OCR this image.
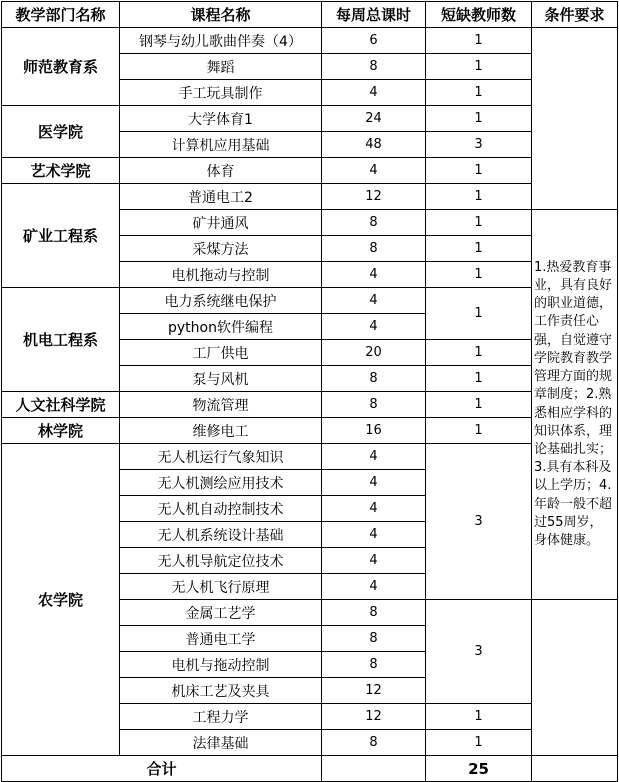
教学部门名称	课程名称	每周总课时	短缺教师数	条件要求	
师范教育系	钢琴与幼儿歌曲伴奏（4）	6	1		
	舞蹈	8	1		
	手工玩具制作	4	1		
医学院	大学体育1	24	1		
	计算机应用基础	48	3		
艺术学院	体育	4	1		
矿业工程系	普通电工2	12	1		
	矿井通风	8	1	1.热爱教育事业，具有良好的职业道德，工作责任心强，自觉遵守学院教育教学管理方面的规章制度；2.熟悉相应学科的知识体系，理论基础扎实；3.具有本科及以上学历；4.年龄一般不超过55周岁，身体健康。	
	采煤方法	8	1		
	电机拖动与控制	4	1		
机电工程系	电力系统继电保护	4	1		
	python软件编程	4			
	工厂供电	20	1		
	泵与风机	8	1		
人文社科学院	物流管理	8	1		
林学院	维修电工	16	1		
农学院	无人机运行气象知识	4	3		
	无人机测绘应用技术	4			
	无人机自动控制技术	4			
	无人机系统设计基础	4			
	无人机导航定位技术	4			
	无人机飞行原理	4			
	金属工艺学	8	3		
	普通电工学	8			
	电机与拖动控制	8			
	机床工艺及夹具	12			
	工程力学	12	1		
	法律基础	8	1		
合计			25		
